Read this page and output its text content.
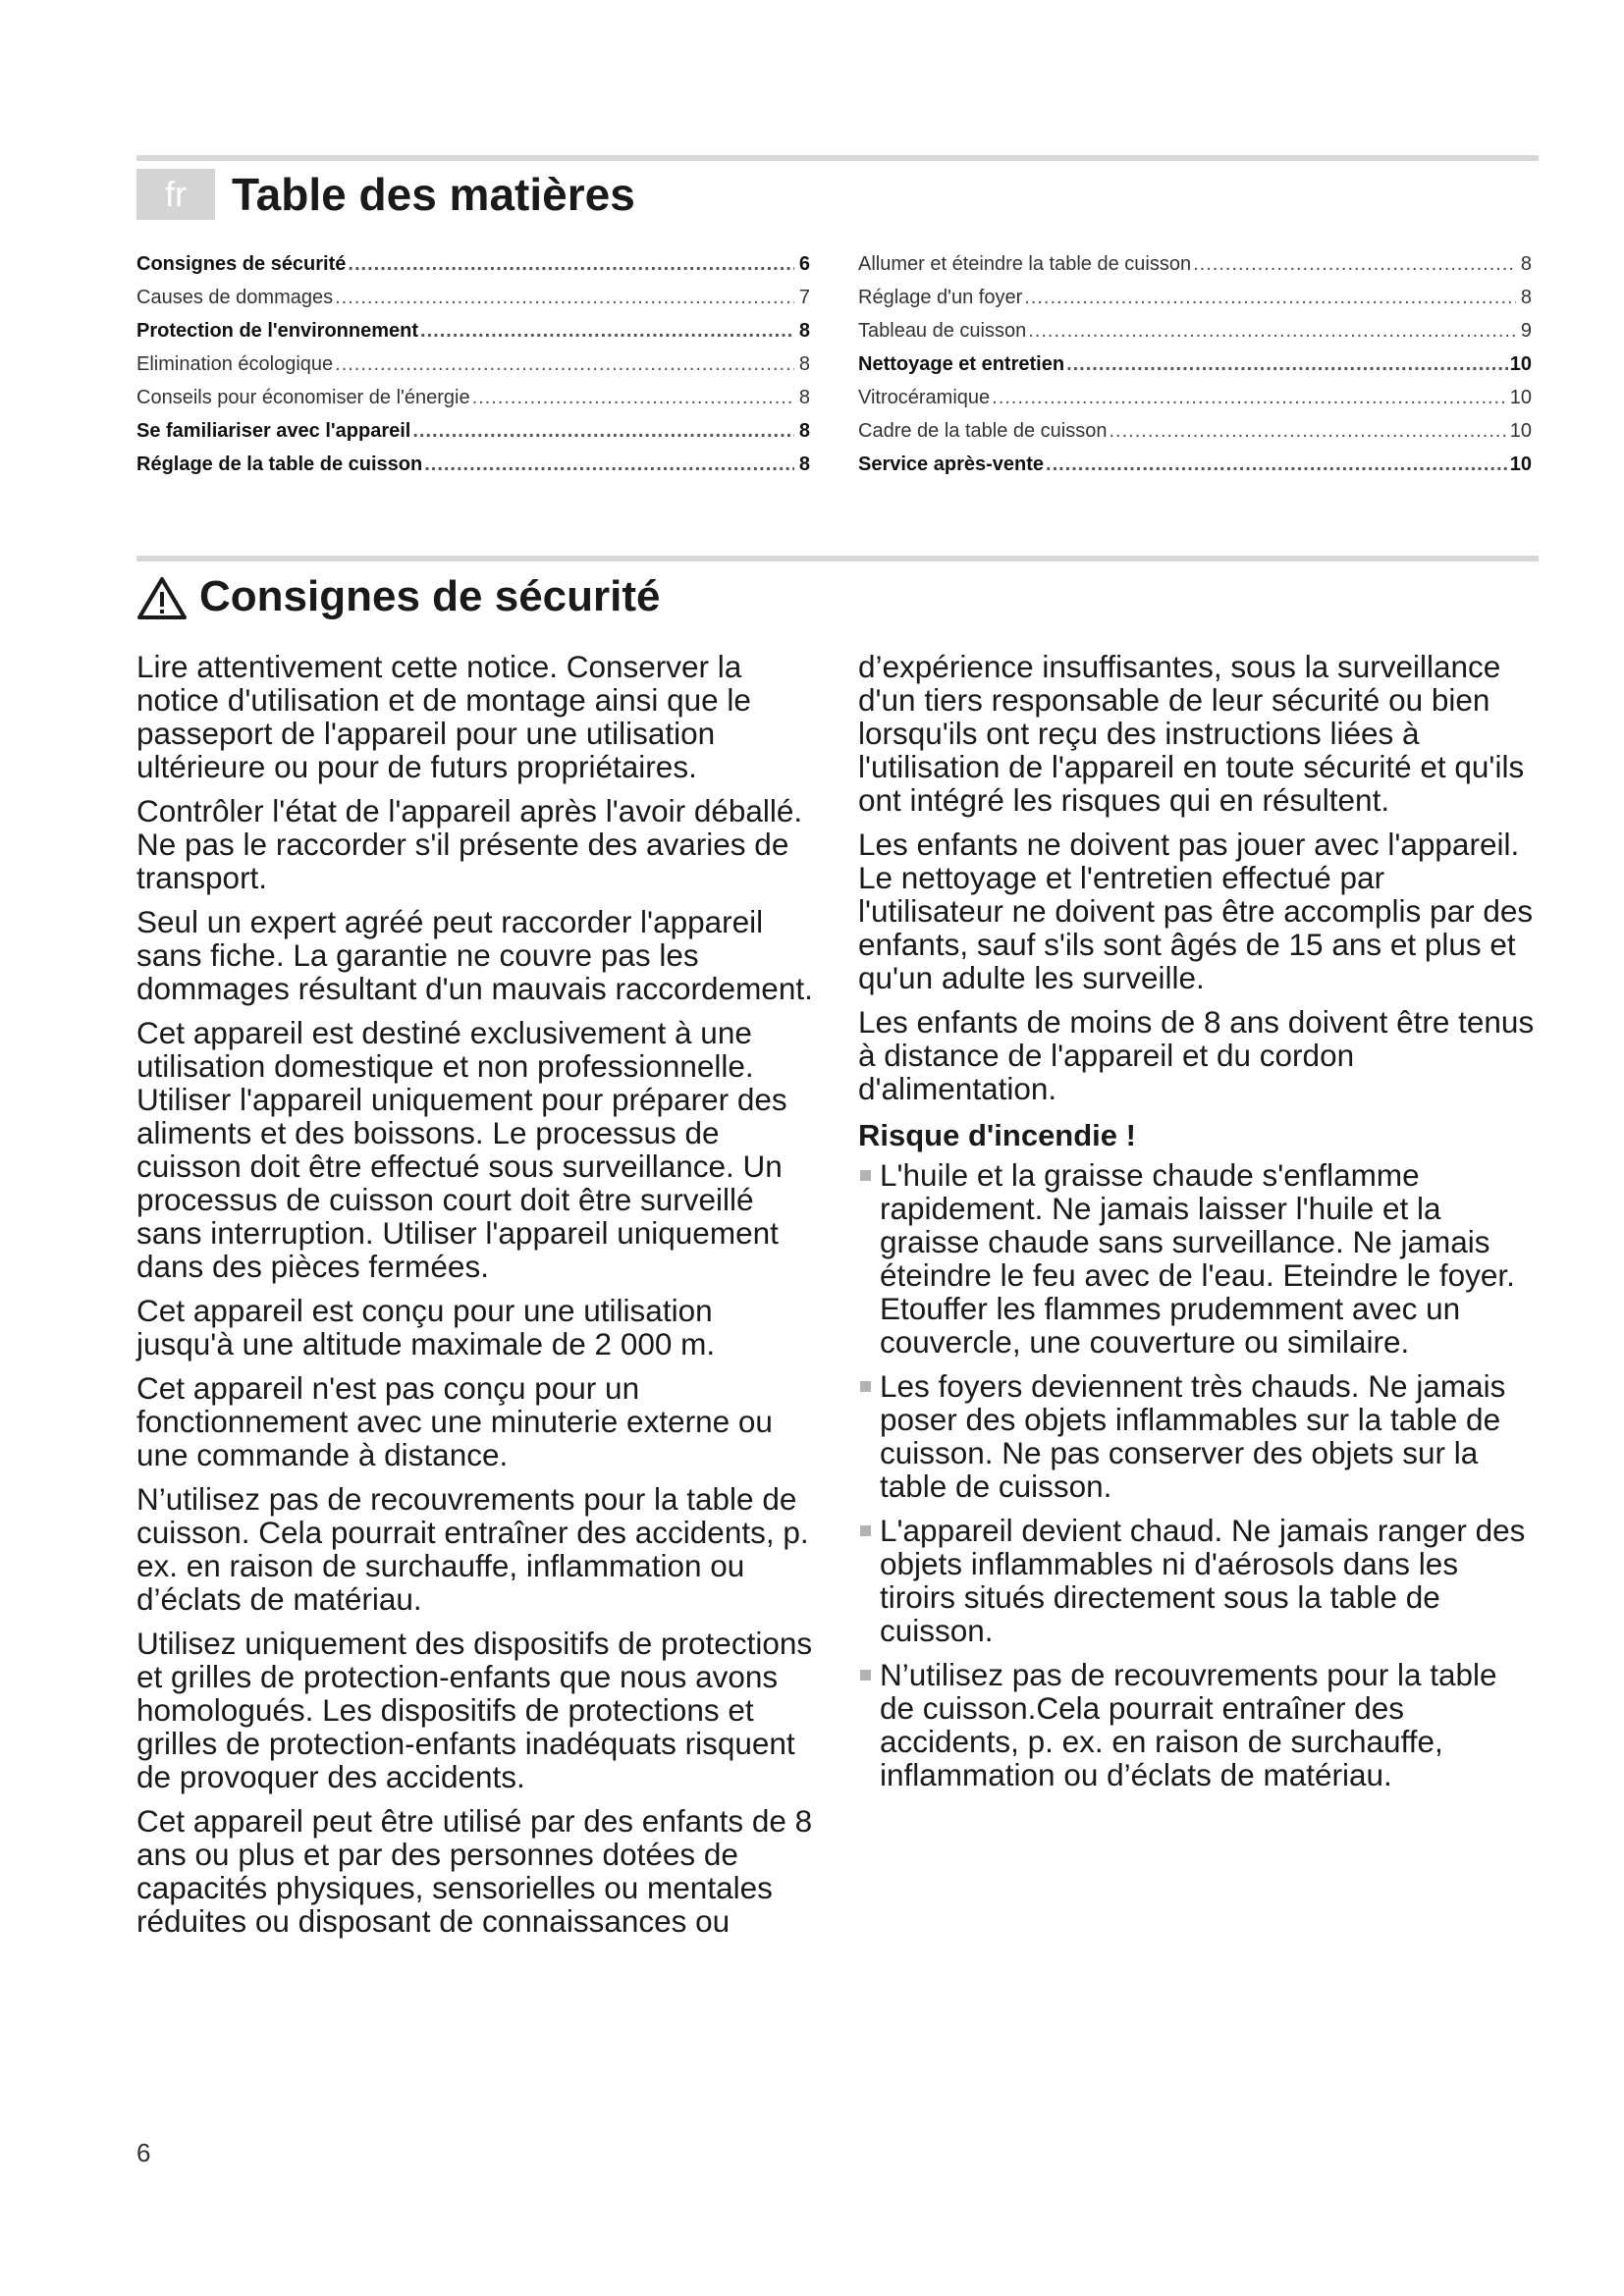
fr	Table des matières
Consignes de sécurité .....	6
Causes de dommages .....	7
Protection de l'environnement .....	8
Elimination écologique .....	8
Conseils pour économiser de l'énergie .....	8
Se familiariser avec l'appareil .....	8
Réglage de la table de cuisson .....	8
Allumer et éteindre la table de cuisson .....	8
Réglage d'un foyer .....	8
Tableau de cuisson .....	9
Nettoyage et entretien .....	10
Vitrocéramique .....	10
Cadre de la table de cuisson .....	10
Service après-vente .....	10
Consignes de sécurité

Lire attentivement cette notice. Conserver la notice d'utilisation et de montage ainsi que le passeport de l'appareil pour une utilisation ultérieure ou pour de futurs propriétaires.

Contrôler l'état de l'appareil après l'avoir déballé. Ne pas le raccorder s'il présente des avaries de transport.

Seul un expert agréé peut raccorder l'appareil sans fiche. La garantie ne couvre pas les dommages résultant d'un mauvais raccordement.

Cet appareil est destiné exclusivement à une utilisation domestique et non professionnelle. Utiliser l'appareil uniquement pour préparer des aliments et des boissons. Le processus de cuisson doit être effectué sous surveillance. Un processus de cuisson court doit être surveillé sans interruption. Utiliser l'appareil uniquement dans des pièces fermées.

Cet appareil est conçu pour une utilisation jusqu'à une altitude maximale de 2 000 m.

Cet appareil n'est pas conçu pour un fonctionnement avec une minuterie externe ou une commande à distance.

N’utilisez pas de recouvrements pour la table de cuisson. Cela pourrait entraîner des accidents, p. ex. en raison de surchauffe, inflammation ou d’éclats de matériau.

Utilisez uniquement des dispositifs de protections et grilles de protection-enfants que nous avons homologués. Les dispositifs de protections et grilles de protection-enfants inadéquats risquent de provoquer des accidents.

Cet appareil peut être utilisé par des enfants de 8 ans ou plus et par des personnes dotées de capacités physiques, sensorielles ou mentales réduites ou disposant de connaissances ou

d’expérience insuffisantes, sous la surveillance d'un tiers responsable de leur sécurité ou bien lorsqu'ils ont reçu des instructions liées à l'utilisation de l'appareil en toute sécurité et qu'ils ont intégré les risques qui en résultent.

Les enfants ne doivent pas jouer avec l'appareil. Le nettoyage et l'entretien effectué par l'utilisateur ne doivent pas être accomplis par des enfants, sauf s'ils sont âgés de 15 ans et plus et qu'un adulte les surveille.

Les enfants de moins de 8 ans doivent être tenus à distance de l'appareil et du cordon d'alimentation.

Risque d'incendie !
L'huile et la graisse chaude s'enflamme rapidement. Ne jamais laisser l'huile et la graisse chaude sans surveillance. Ne jamais éteindre le feu avec de l'eau. Eteindre le foyer. Etouffer les flammes prudemment avec un couvercle, une couverture ou similaire.
Les foyers deviennent très chauds. Ne jamais poser des objets inflammables sur la table de cuisson. Ne pas conserver des objets sur la table de cuisson.
L'appareil devient chaud. Ne jamais ranger des objets inflammables ni d'aérosols dans les tiroirs situés directement sous la table de cuisson.
N’utilisez pas de recouvrements pour la table de cuisson.Cela pourrait entraîner des accidents, p. ex. en raison de surchauffe, inflammation ou d’éclats de matériau.
6
